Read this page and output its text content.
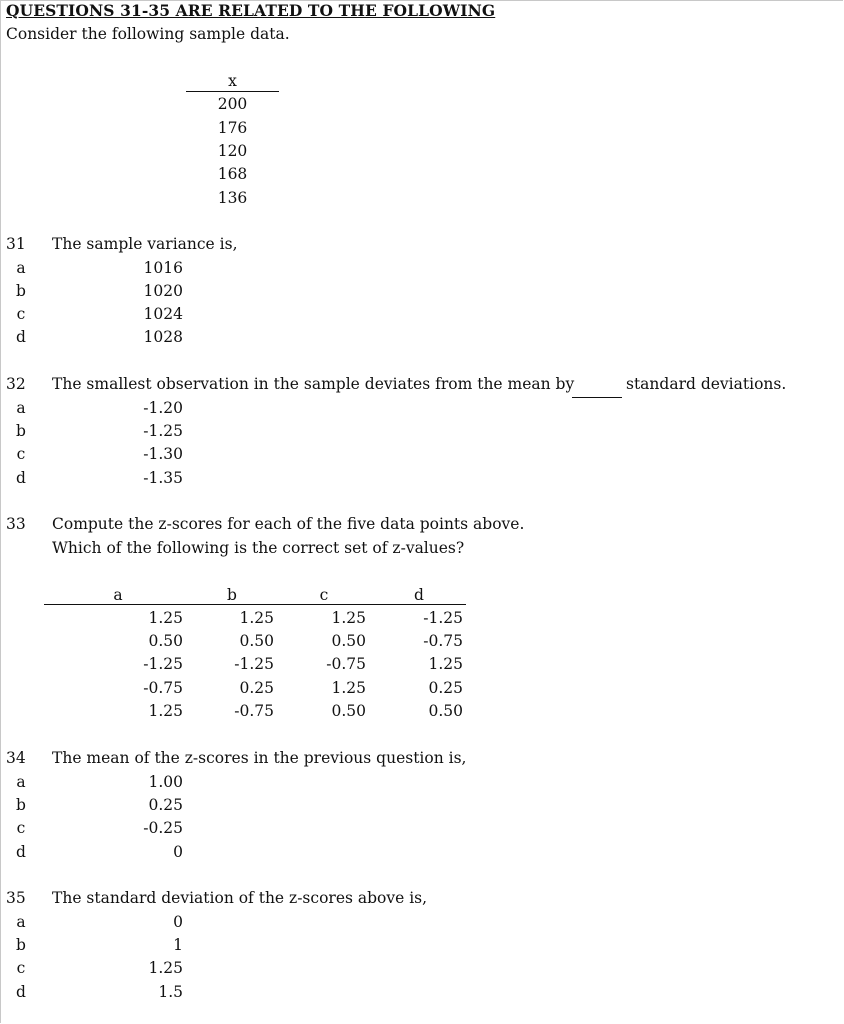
QUESTIONS 31-35 ARE RELATED TO THE FOLLOWING
Consider the following sample data.
x
200
176
120
168
136
31 The sample variance is,
a	1016
b	1020
c	1024
d	1028
32 The smallest observation in the sample deviates from the mean by	standard deviations.
a	-1.20
b	-1.25
c	-1.30
d	-1.35
33 Compute the z-scores for each of the five data points above.
Which of the following is the correct set of z-values?
a	b	c	d
1.25	1.25	1.25	-1.25
0.50	0.50	0.50	-0.75
-1.25	-1.25	-0.75	1.25
-0.75	0.25	1.25	0.25
1.25	-0.75	0.50	0.50
34 The mean of the z-scores in the previous question is,
a	1.00
b	0.25
c	-0.25
d	0
35 The standard deviation of the z-scores above is,
a	0
b	1
c	1.25
d	1.5
